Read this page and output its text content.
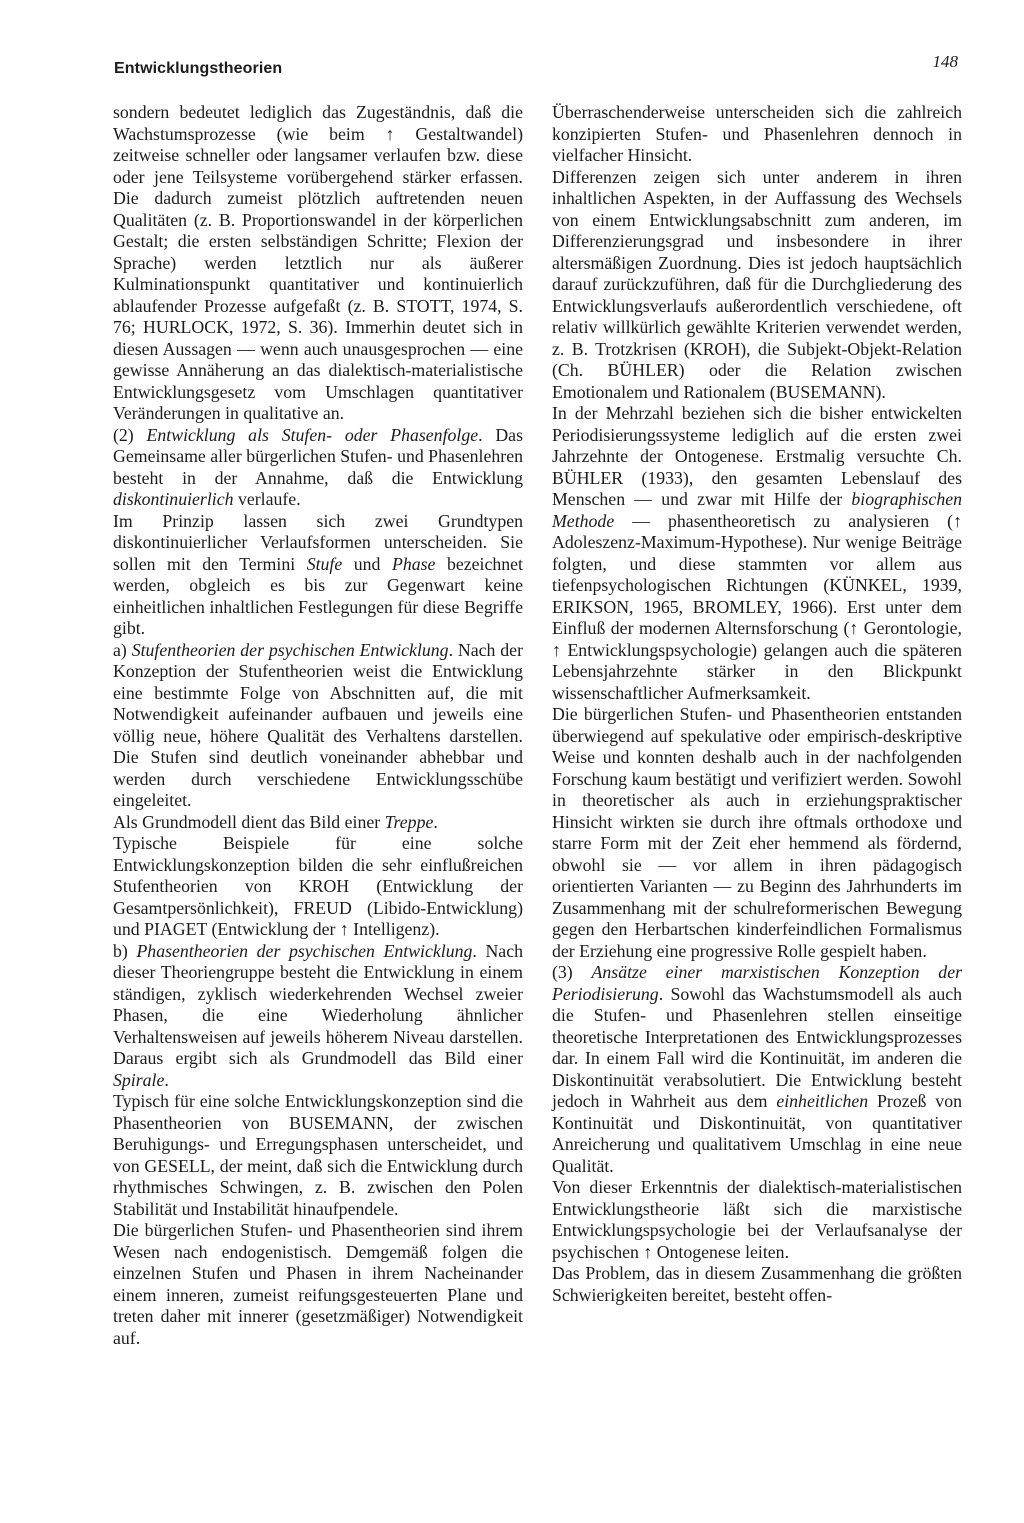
Entwicklungstheorien	148

sondern bedeutet lediglich das Zugeständnis, daß die Wachstumsprozesse (wie beim ↑ Gestaltwandel) zeitweise schneller oder langsamer verlaufen bzw. diese oder jene Teilsysteme vorübergehend stärker erfassen. Die dadurch zumeist plötzlich auftretenden neuen Qualitäten (z. B. Proportionswandel in der körperlichen Gestalt; die ersten selbständigen Schritte; Flexion der Sprache) werden letztlich nur als äußerer Kulminationspunkt quantitativer und kontinuierlich ablaufender Prozesse aufgefaßt (z. B. STOTT, 1974, S. 76; HURLOCK, 1972, S. 36). Immerhin deutet sich in diesen Aussagen — wenn auch unausgesprochen — eine gewisse Annäherung an das dialektisch-materialistische Entwicklungsgesetz vom Umschlagen quantitativer Veränderungen in qualitative an.

(2) Entwicklung als Stufen- oder Phasenfolge. Das Gemeinsame aller bürgerlichen Stufen- und Phasenlehren besteht in der Annahme, daß die Entwicklung diskontinuierlich verlaufe.

Im Prinzip lassen sich zwei Grundtypen diskontinuierlicher Verlaufsformen unterscheiden. Sie sollen mit den Termini Stufe und Phase bezeichnet werden, obgleich es bis zur Gegenwart keine einheitlichen inhaltlichen Festlegungen für diese Begriffe gibt.

a) Stufentheorien der psychischen Entwicklung. Nach der Konzeption der Stufentheorien weist die Entwicklung eine bestimmte Folge von Abschnitten auf, die mit Notwendigkeit aufeinander aufbauen und jeweils eine völlig neue, höhere Qualität des Verhaltens darstellen. Die Stufen sind deutlich voneinander abhebbar und werden durch verschiedene Entwicklungsschübe eingeleitet.

Als Grundmodell dient das Bild einer Treppe.

Typische Beispiele für eine solche Entwicklungskonzeption bilden die sehr einflußreichen Stufentheorien von KROH (Entwicklung der Gesamtpersönlichkeit), FREUD (Libido-Entwicklung) und PIAGET (Entwicklung der ↑ Intelligenz).

b) Phasentheorien der psychischen Entwicklung. Nach dieser Theoriengruppe besteht die Entwicklung in einem ständigen, zyklisch wiederkehrenden Wechsel zweier Phasen, die eine Wiederholung ähnlicher Verhaltensweisen auf jeweils höherem Niveau darstellen. Daraus ergibt sich als Grundmodell das Bild einer Spirale.

Typisch für eine solche Entwicklungskonzeption sind die Phasentheorien von BUSEMANN, der zwischen Beruhigungs- und Erregungsphasen unterscheidet, und von GESELL, der meint, daß sich die Entwicklung durch rhythmisches Schwingen, z. B. zwischen den Polen Stabilität und Instabilität hinaufpendele.

Die bürgerlichen Stufen- und Phasentheorien sind ihrem Wesen nach endogenistisch. Demgemäß folgen die einzelnen Stufen und Phasen in ihrem Nacheinander einem inneren, zumeist reifungsgesteuerten Plane und treten daher mit innerer (gesetzmäßiger) Notwendigkeit auf.

Überraschenderweise unterscheiden sich die zahlreich konzipierten Stufen- und Phasenlehren dennoch in vielfacher Hinsicht.

Differenzen zeigen sich unter anderem in ihren inhaltlichen Aspekten, in der Auffassung des Wechsels von einem Entwicklungsabschnitt zum anderen, im Differenzierungsgrad und insbesondere in ihrer altersmäßigen Zuordnung. Dies ist jedoch hauptsächlich darauf zurückzuführen, daß für die Durchgliederung des Entwicklungsverlaufs außerordentlich verschiedene, oft relativ willkürlich gewählte Kriterien verwendet werden, z. B. Trotzkrisen (KROH), die Subjekt-Objekt-Relation (Ch. BÜHLER) oder die Relation zwischen Emotionalem und Rationalem (BUSEMANN).

In der Mehrzahl beziehen sich die bisher entwickelten Periodisierungssysteme lediglich auf die ersten zwei Jahrzehnte der Ontogenese. Erstmalig versuchte Ch. BÜHLER (1933), den gesamten Lebenslauf des Menschen — und zwar mit Hilfe der biographischen Methode — phasentheoretisch zu analysieren (↑ Adoleszenz-Maximum-Hypothese). Nur wenige Beiträge folgten, und diese stammten vor allem aus tiefenpsychologischen Richtungen (KÜNKEL, 1939, ERIKSON, 1965, BROMLEY, 1966). Erst unter dem Einfluß der modernen Alternsforschung (↑ Gerontologie, ↑ Entwicklungspsychologie) gelangen auch die späteren Lebensjahrzehnte stärker in den Blickpunkt wissenschaftlicher Aufmerksamkeit.

Die bürgerlichen Stufen- und Phasentheorien entstanden überwiegend auf spekulative oder empirisch-deskriptive Weise und konnten deshalb auch in der nachfolgenden Forschung kaum bestätigt und verifiziert werden. Sowohl in theoretischer als auch in erziehungspraktischer Hinsicht wirkten sie durch ihre oftmals orthodoxe und starre Form mit der Zeit eher hemmend als fördernd, obwohl sie — vor allem in ihren pädagogisch orientierten Varianten — zu Beginn des Jahrhunderts im Zusammenhang mit der schulreformerischen Bewegung gegen den Herbartschen kinderfeindlichen Formalismus der Erziehung eine progressive Rolle gespielt haben.

(3) Ansätze einer marxistischen Konzeption der Periodisierung. Sowohl das Wachstumsmodell als auch die Stufen- und Phasenlehren stellen einseitige theoretische Interpretationen des Entwicklungsprozesses dar. In einem Fall wird die Kontinuität, im anderen die Diskontinuität verabsolutiert. Die Entwicklung besteht jedoch in Wahrheit aus dem einheitlichen Prozeß von Kontinuität und Diskontinuität, von quantitativer Anreicherung und qualitativem Umschlag in eine neue Qualität.

Von dieser Erkenntnis der dialektisch-materialistischen Entwicklungstheorie läßt sich die marxistische Entwicklungspsychologie bei der Verlaufsanalyse der psychischen ↑ Ontogenese leiten.

Das Problem, das in diesem Zusammenhang die größten Schwierigkeiten bereitet, besteht offen-
